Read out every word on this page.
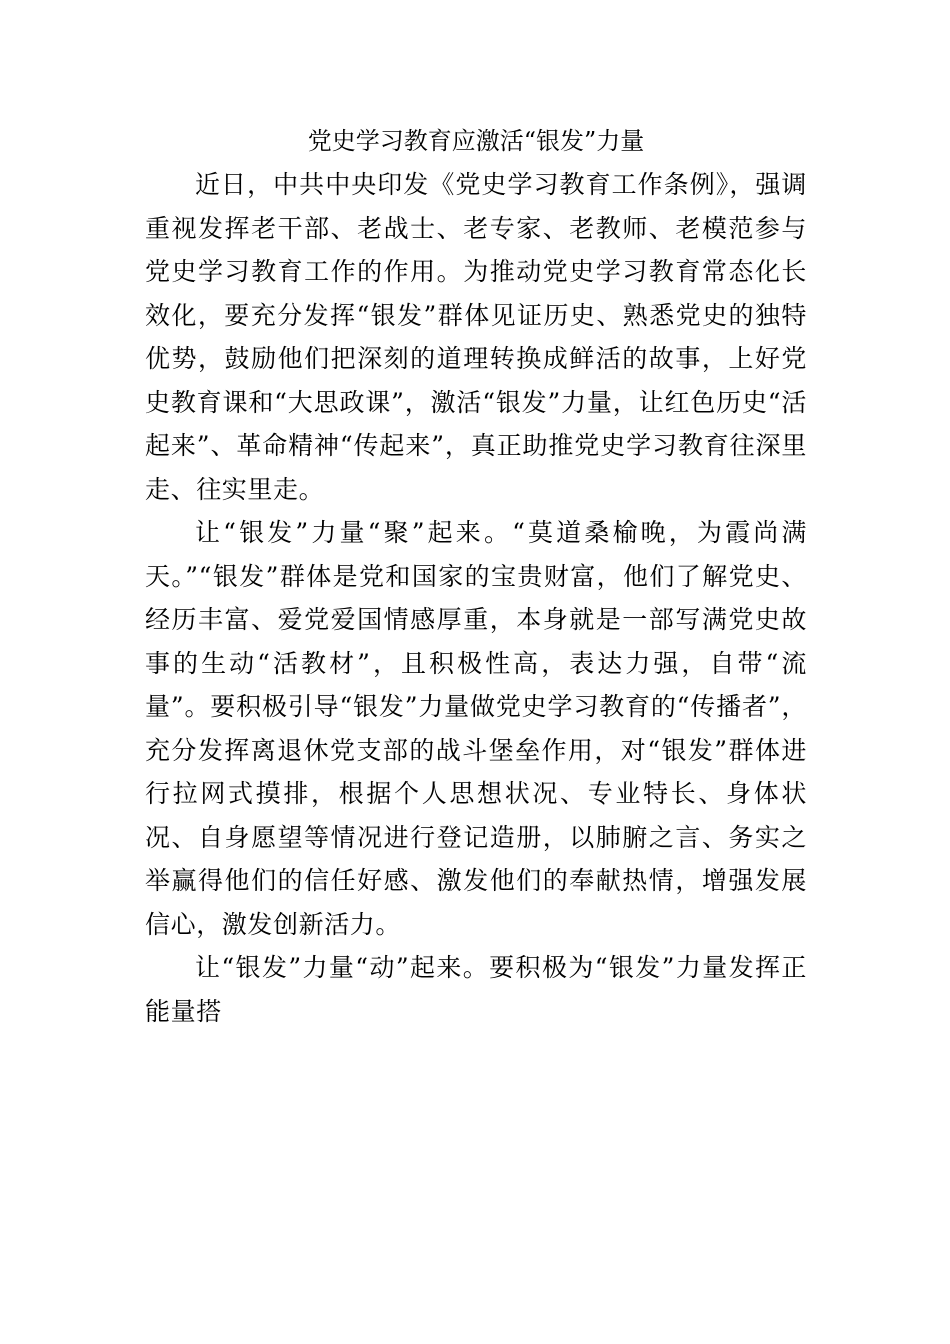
党史学习教育应激活“银发”力量

近日，中共中央印发《党史学习教育工作条例》，强调重视发挥老干部、老战士、老专家、老教师、老模范参与党史学习教育工作的作用。为推动党史学习教育常态化长效化，要充分发挥“银发”群体见证历史、熟悉党史的独特优势，鼓励他们把深刻的道理转换成鲜活的故事，上好党史教育课和“大思政课”，激活“银发”力量，让红色历史“活起来”、革命精神“传起来”，真正助推党史学习教育往深里走、往实里走。

让“银发”力量“聚”起来。“莫道桑榆晚，为霞尚满天。”“银发”群体是党和国家的宝贵财富，他们了解党史、经历丰富、爱党爱国情感厚重，本身就是一部写满党史故事的生动“活教材”，且积极性高，表达力强，自带“流量”。要积极引导“银发”力量做党史学习教育的“传播者”，充分发挥离退休党支部的战斗堡垒作用，对“银发”群体进行拉网式摸排，根据个人思想状况、专业特长、身体状况、自身愿望等情况进行登记造册，以肺腑之言、务实之举赢得他们的信任好感、激发他们的奉献热情，增强发展信心，激发创新活力。

让“银发”力量“动”起来。要积极为“银发”力量发挥正能量搭
